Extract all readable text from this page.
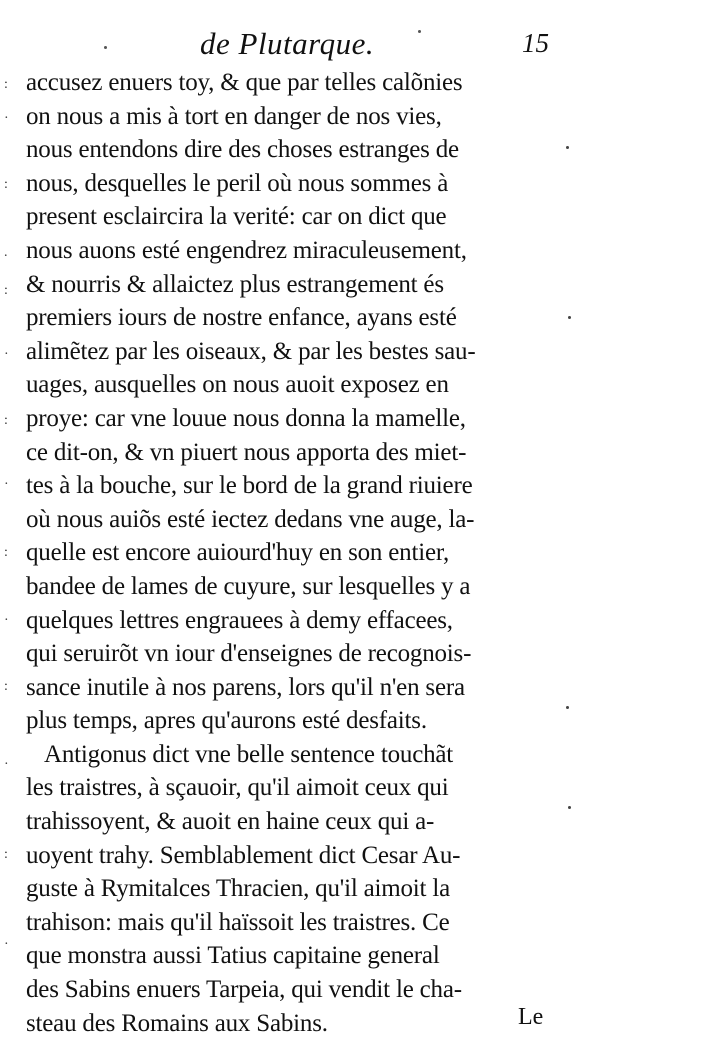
de Plutarque.	15
:
·
:
.
:
·
:
·
:
·
:
·
:
·
accusez enuers toy, & que par telles calõnies
on nous a mis à tort en danger de nos vies,
nous entendons dire des choses estranges de
nous, desquelles le peril où nous sommes à
present esclaircira la verité: car on dict que
nous auons esté engendrez miraculeusement,
& nourris & allaictez plus estrangement és
premiers iours de nostre enfance, ayans esté
alimẽtez par les oiseaux, & par les bestes sau-
uages, ausquelles on nous auoit exposez en
proye: car vne louue nous donna la mamelle,
ce dit-on, & vn piuert nous apporta des miet-
tes à la bouche, sur le bord de la grand riuiere
où nous auiõs esté iectez dedans vne auge, la-
quelle est encore auiourd'huy en son entier,
bandee de lames de cuyure, sur lesquelles y a
quelques lettres engrauees à demy effacees,
qui seruirõt vn iour d'enseignes de recognois-
sance inutile à nos parens, lors qu'il n'en sera
plus temps, apres qu'aurons esté desfaits.
Antigonus dict vne belle sentence touchãt
les traistres, à sçauoir, qu'il aimoit ceux qui
trahissoyent, & auoit en haine ceux qui a-
uoyent trahy. Semblablement dict Cesar Au-
guste à Rymitalces Thracien, qu'il aimoit la
trahison: mais qu'il haïssoit les traistres. Ce
que monstra aussi Tatius capitaine general
des Sabins enuers Tarpeia, qui vendit le cha-
steau des Romains aux Sabins.	Le
